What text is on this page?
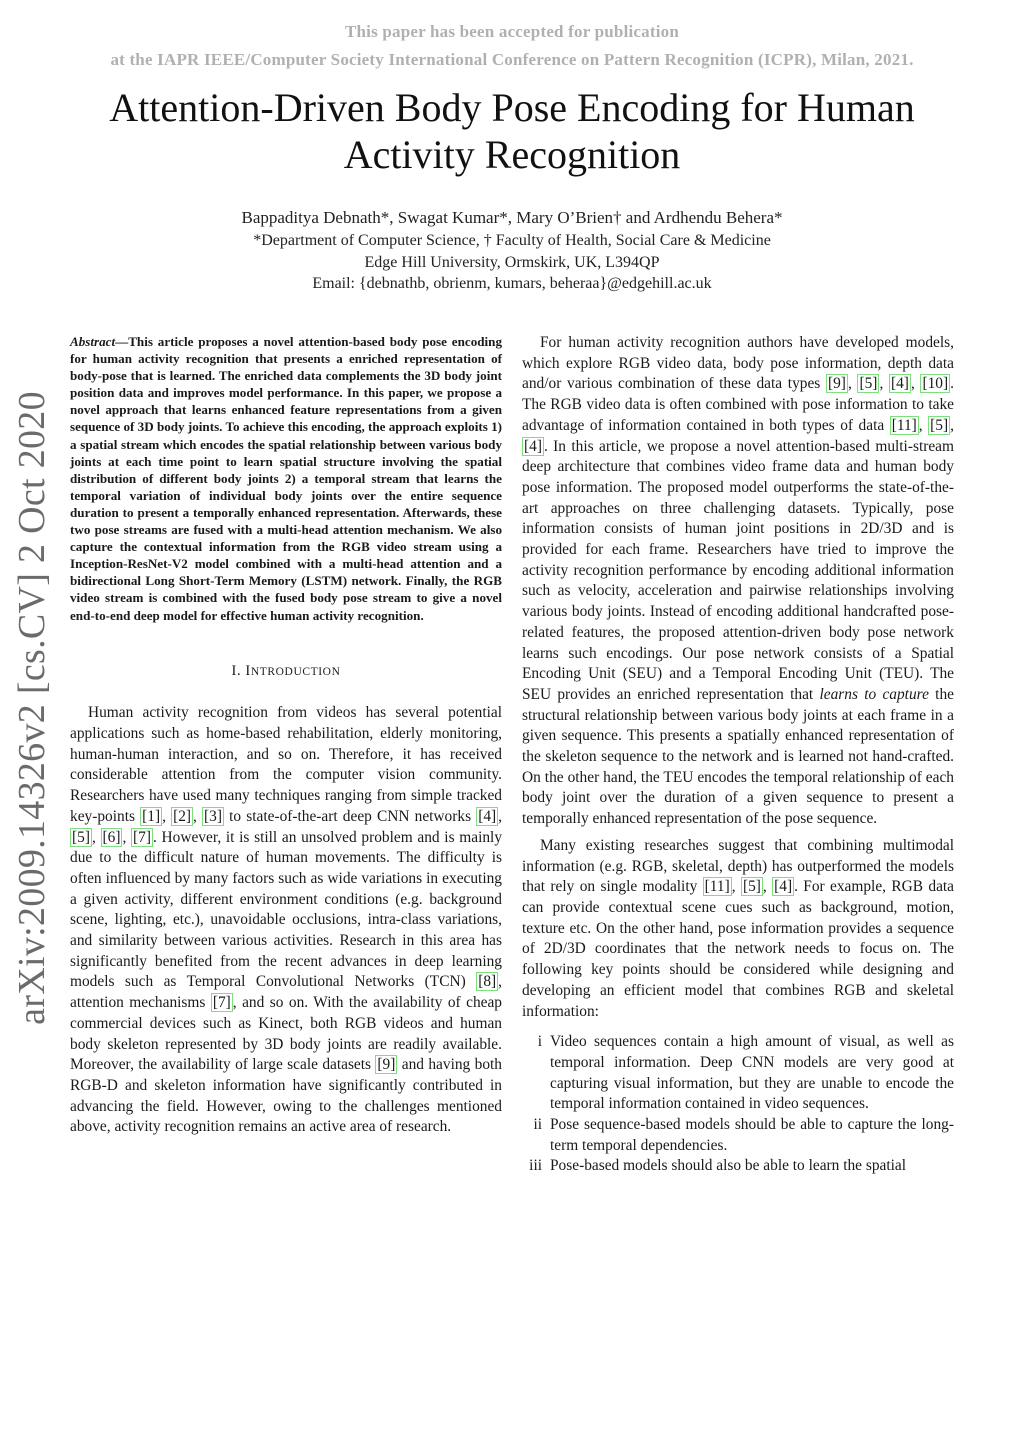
This paper has been accepted for publication
at the IAPR IEEE/Computer Society International Conference on Pattern Recognition (ICPR), Milan, 2021.
Attention-Driven Body Pose Encoding for Human Activity Recognition
Bappaditya Debnath*, Swagat Kumar*, Mary O’Brien† and Ardhendu Behera*
*Department of Computer Science, † Faculty of Health, Social Care & Medicine
Edge Hill University, Ormskirk, UK, L394QP
Email: {debnathb, obrienm, kumars, beheraa}@edgehill.ac.uk
arXiv:2009.14326v2 [cs.CV] 2 Oct 2020
Abstract—This article proposes a novel attention-based body pose encoding for human activity recognition that presents a enriched representation of body-pose that is learned. The enriched data complements the 3D body joint position data and improves model performance. In this paper, we propose a novel approach that learns enhanced feature representations from a given sequence of 3D body joints. To achieve this encoding, the approach exploits 1) a spatial stream which encodes the spatial relationship between various body joints at each time point to learn spatial structure involving the spatial distribution of different body joints 2) a temporal stream that learns the temporal variation of individual body joints over the entire sequence duration to present a temporally enhanced representation. Afterwards, these two pose streams are fused with a multi-head attention mechanism. We also capture the contextual information from the RGB video stream using a Inception-ResNet-V2 model combined with a multi-head attention and a bidirectional Long Short-Term Memory (LSTM) network. Finally, the RGB video stream is combined with the fused body pose stream to give a novel end-to-end deep model for effective human activity recognition.
I. INTRODUCTION

Human activity recognition from videos has several potential applications such as home-based rehabilitation, elderly monitoring, human-human interaction, and so on. Therefore, it has received considerable attention from the computer vision community. Researchers have used many techniques ranging from simple tracked key-points [1] , [2] , [3] to state-of-the-art deep CNN networks [4] , [5] , [6] , [7] . However, it is still an unsolved problem and is mainly due to the difficult nature of human movements. The difficulty is often influenced by many factors such as wide variations in executing a given activity, different environment conditions (e.g. background scene, lighting, etc.), unavoidable occlusions, intra-class variations, and similarity between various activities. Research in this area has significantly benefited from the recent advances in deep learning models such as Temporal Convolutional Networks (TCN) [8] , attention mechanisms [7] , and so on. With the availability of cheap commercial devices such as Kinect, both RGB videos and human body skeleton represented by 3D body joints are readily available. Moreover, the availability of large scale datasets [9] and having both RGB-D and skeleton information have significantly contributed in advancing the field. However, owing to the challenges mentioned above, activity recognition remains an active area of research.

For human activity recognition authors have developed models, which explore RGB video data, body pose information, depth data and/or various combination of these data types [9] , [5] , [4] , [10] . The RGB video data is often combined with pose information to take advantage of information contained in both types of data [11] , [5] , [4] . In this article, we propose a novel attention-based multi-stream deep architecture that combines video frame data and human body pose information. The proposed model outperforms the state-of-the-art approaches on three challenging datasets. Typically, pose information consists of human joint positions in 2D/3D and is provided for each frame. Researchers have tried to improve the activity recognition performance by encoding additional information such as velocity, acceleration and pairwise relationships involving various body joints. Instead of encoding additional handcrafted pose-related features, the proposed attention-driven body pose network learns such encodings. Our pose network consists of a Spatial Encoding Unit (SEU) and a Temporal Encoding Unit (TEU). The SEU provides an enriched representation that learns to capture the structural relationship between various body joints at each frame in a given sequence. This presents a spatially enhanced representation of the skeleton sequence to the network and is learned not hand-crafted. On the other hand, the TEU encodes the temporal relationship of each body joint over the duration of a given sequence to present a temporally enhanced representation of the pose sequence.

Many existing researches suggest that combining multimodal information (e.g. RGB, skeletal, depth) has outperformed the models that rely on single modality [11] , [5] , [4] . For example, RGB data can provide contextual scene cues such as background, motion, texture etc. On the other hand, pose information provides a sequence of 2D/3D coordinates that the network needs to focus on. The following key points should be considered while designing and developing an efficient model that combines RGB and skeletal information:

i Video sequences contain a high amount of visual, as well as temporal information. Deep CNN models are very good at capturing visual information, but they are unable to encode the temporal information contained in video sequences.
ii Pose sequence-based models should be able to capture the long-term temporal dependencies.
iii Pose-based models should also be able to learn the spatial
